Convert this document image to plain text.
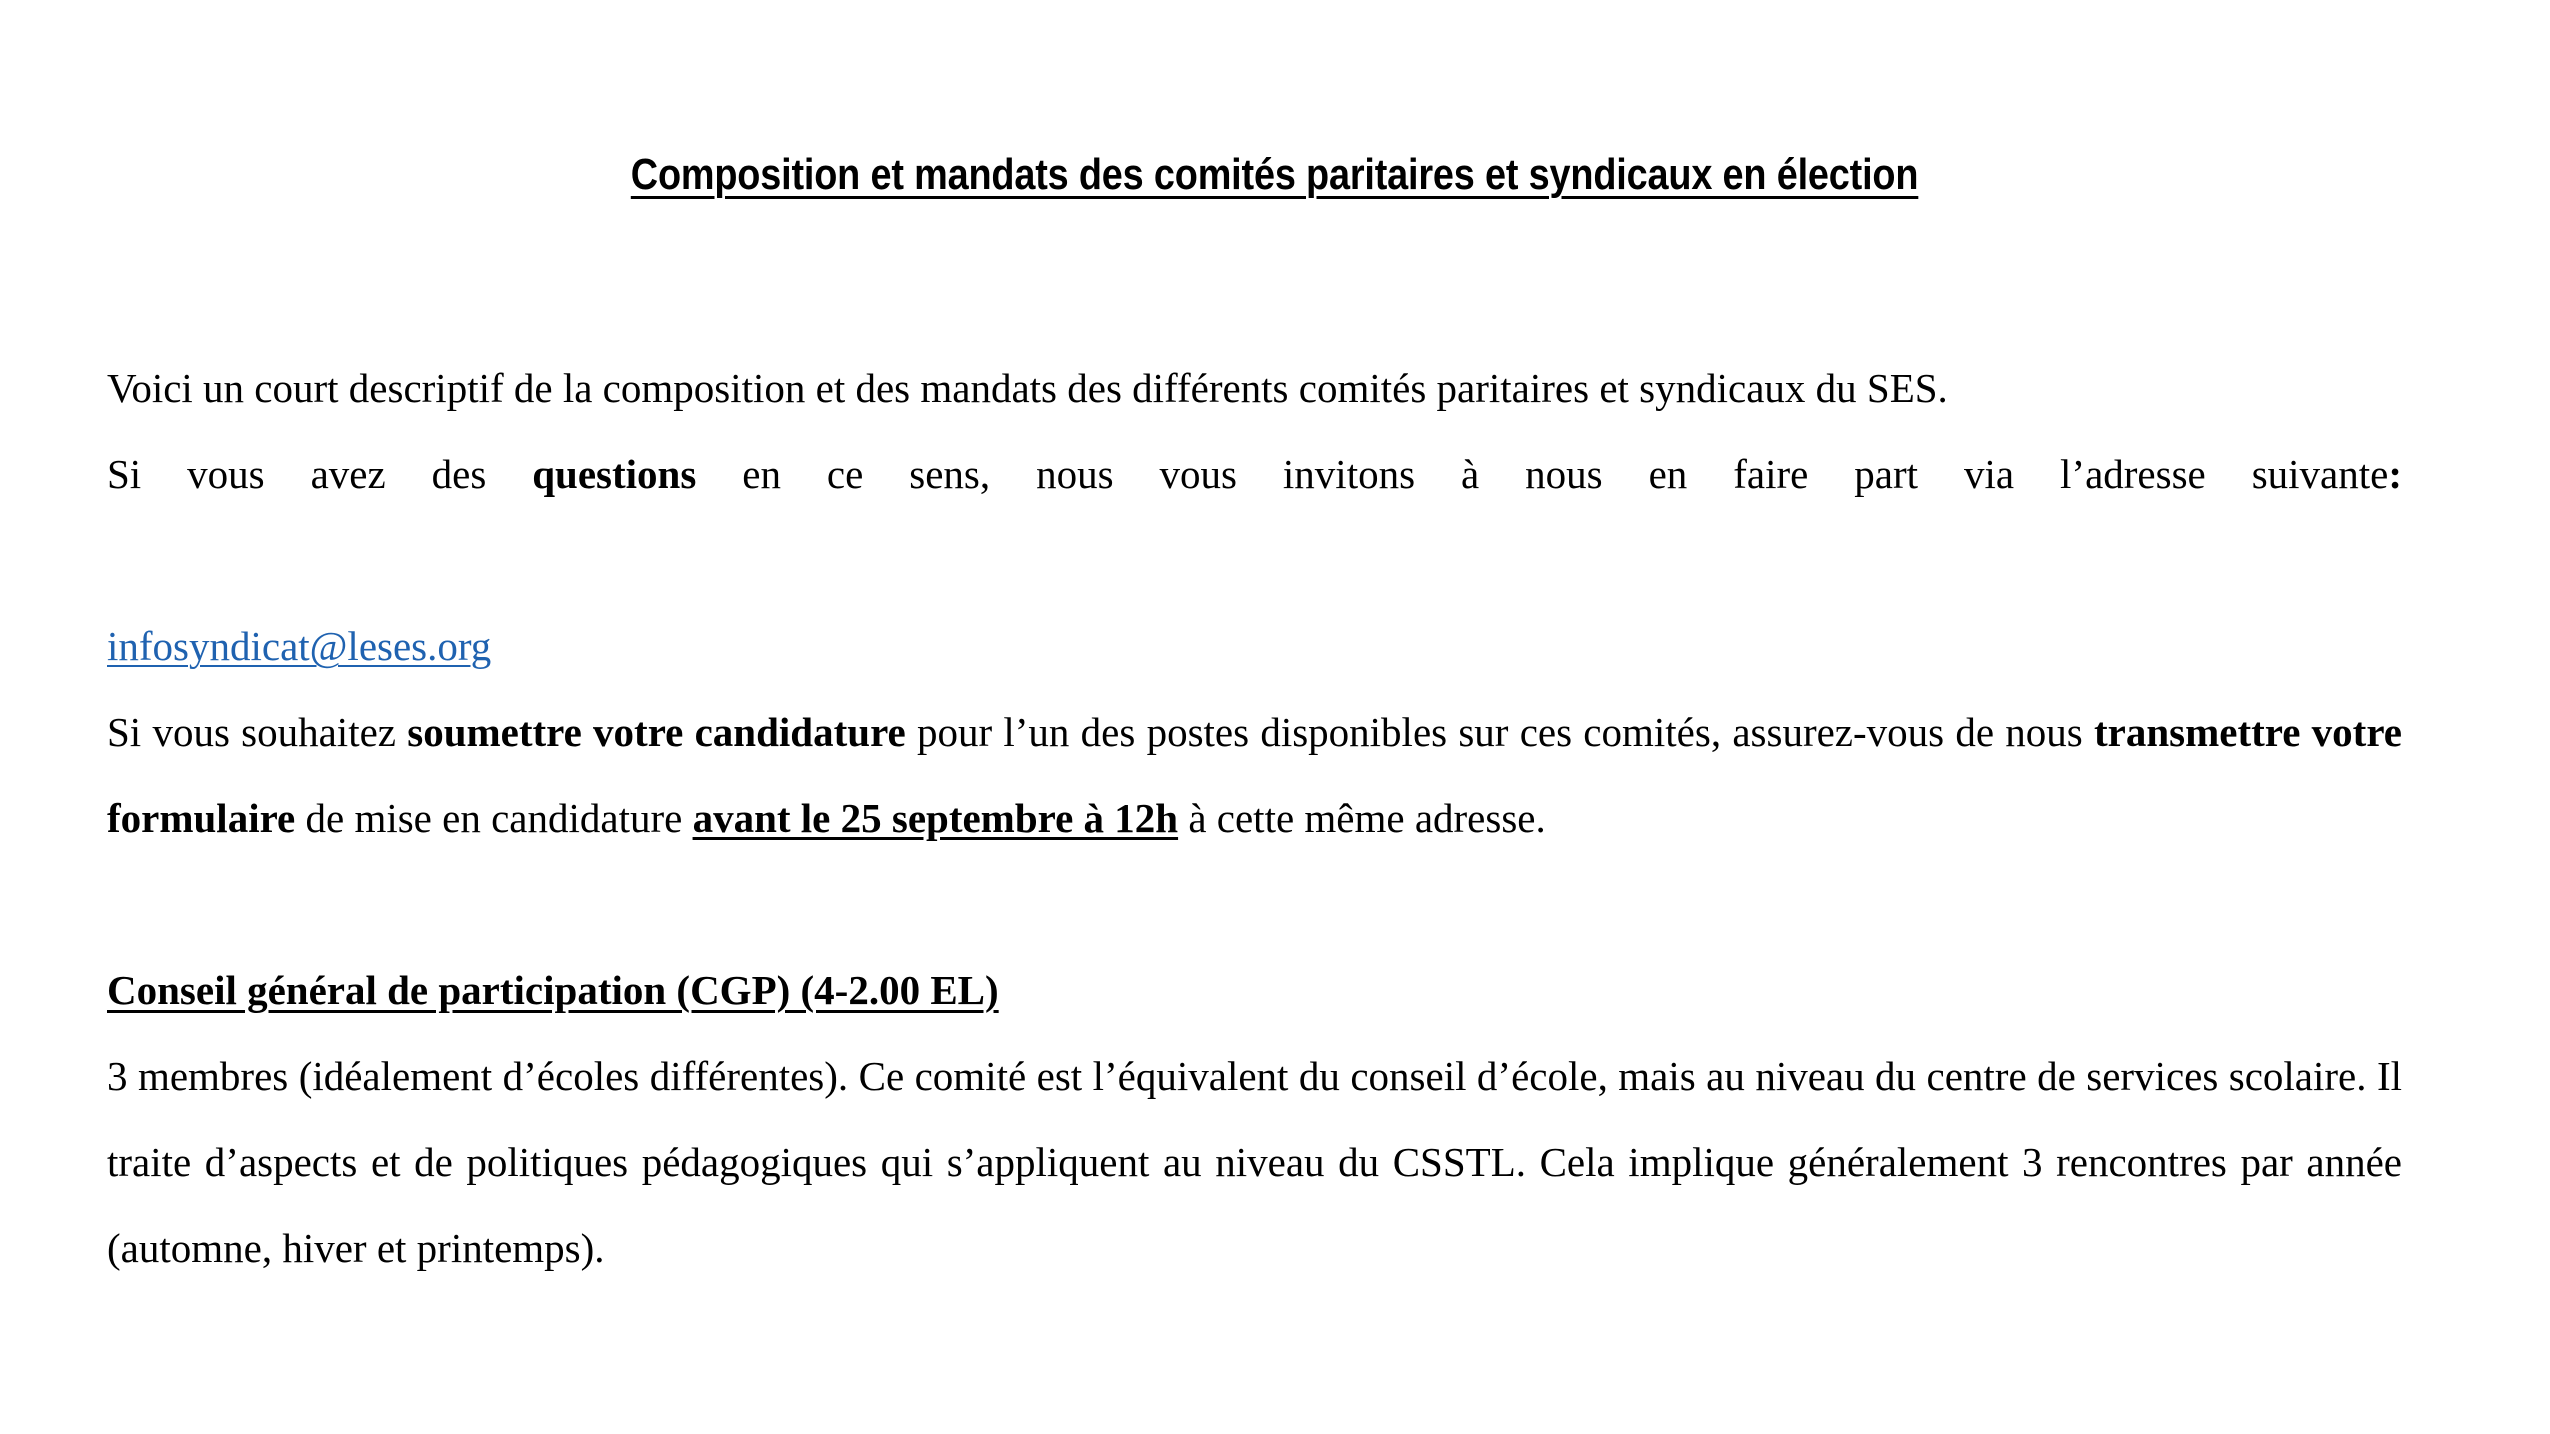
Composition et mandats des comités paritaires et syndicaux en élection

Voici un court descriptif de la composition et des mandats des différents comités paritaires et syndicaux du SES.

Si vous avez des questions en ce sens, nous vous invitons à nous en faire part via l’adresse suivante:

infosyndicat@leses.org

Si vous souhaitez soumettre votre candidature pour l’un des postes disponibles sur ces comités, assurez-vous de nous transmettre votre formulaire de mise en candidature avant le 25 septembre à 12h à cette même adresse.

Conseil général de participation (CGP) (4-2.00 EL)

3 membres (idéalement d’écoles différentes). Ce comité est l’équivalent du conseil d’école, mais au niveau du centre de services scolaire. Il traite d’aspects et de politiques pédagogiques qui s’appliquent au niveau du CSSTL. Cela implique généralement 3 rencontres par année (automne, hiver et printemps).
